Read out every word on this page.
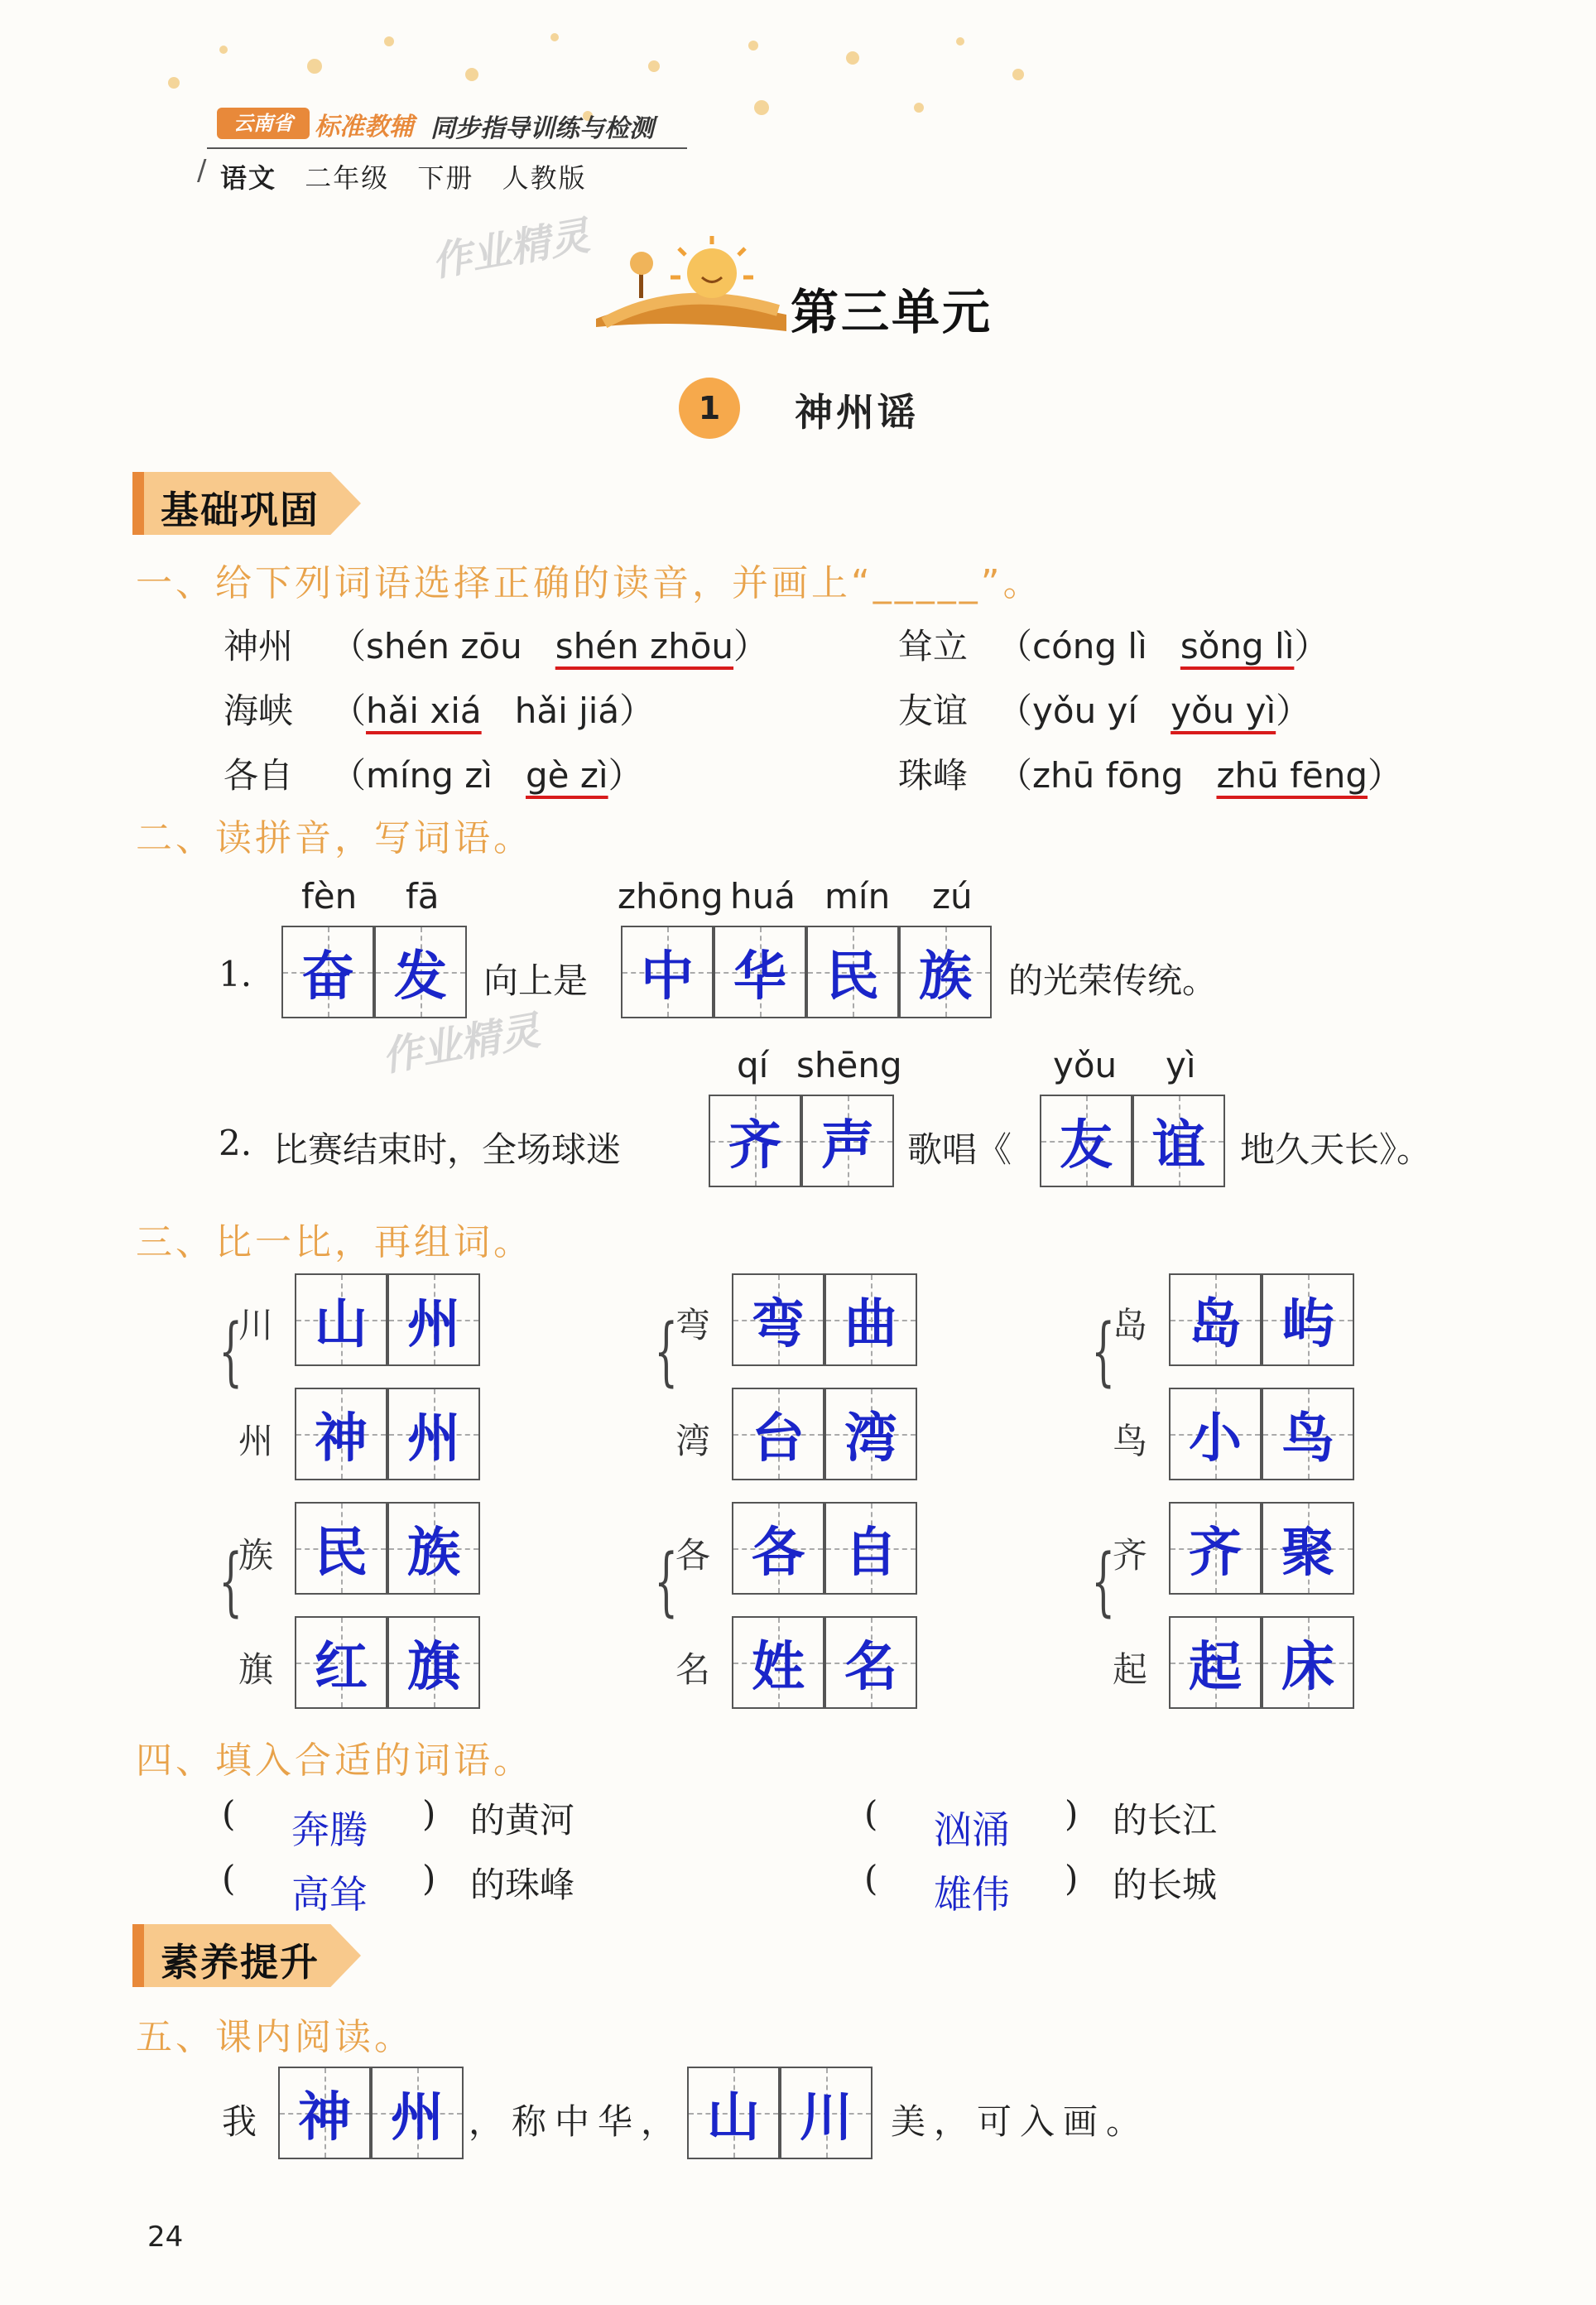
云南省 标准教辅 同步指导训练与检测
/ 语文 二年级 下册 人教版
作业精灵
作业精灵
第三单元
1	神州谣
基础巩固
一、给下列词语选择正确的读音，并画上“_____”。
神州 （shén zōu shén zhōu）	耸立 （cóng lì sǒng lì）
海峡 （hǎi xiá hǎi jiá）	友谊 （yǒu yí yǒu yì）
各自 （míng zì gè zì）	珠峰 （zhū fōng zhū fēng）
二、读拼音，写词语。
fèn fā	zhōng huá mín zú
1. 奋 发 向上是 中 华 民 族 的光荣传统。
qí shēng	yǒu yì
2. 比赛结束时，全场球迷 齐 声 歌唱《 友 谊 地久天长》。
三、比一比，再组词。
{
川
州
山 州
神 州
{
弯
湾
弯 曲
台 湾
{
岛
鸟
岛 屿
小 鸟
{
族
旗
民 族
红 旗
{
各
名
各 自
姓 名
{
齐
起
齐 聚
起 床
四、填入合适的词语。
( 奔腾 ) 的黄河	( 汹涌 ) 的长江
( 高耸 ) 的珠峰	( 雄伟 ) 的长城
素养提升
五、课内阅读。
我 神 州 ，称中华， 山 川 美，可入画。
24
